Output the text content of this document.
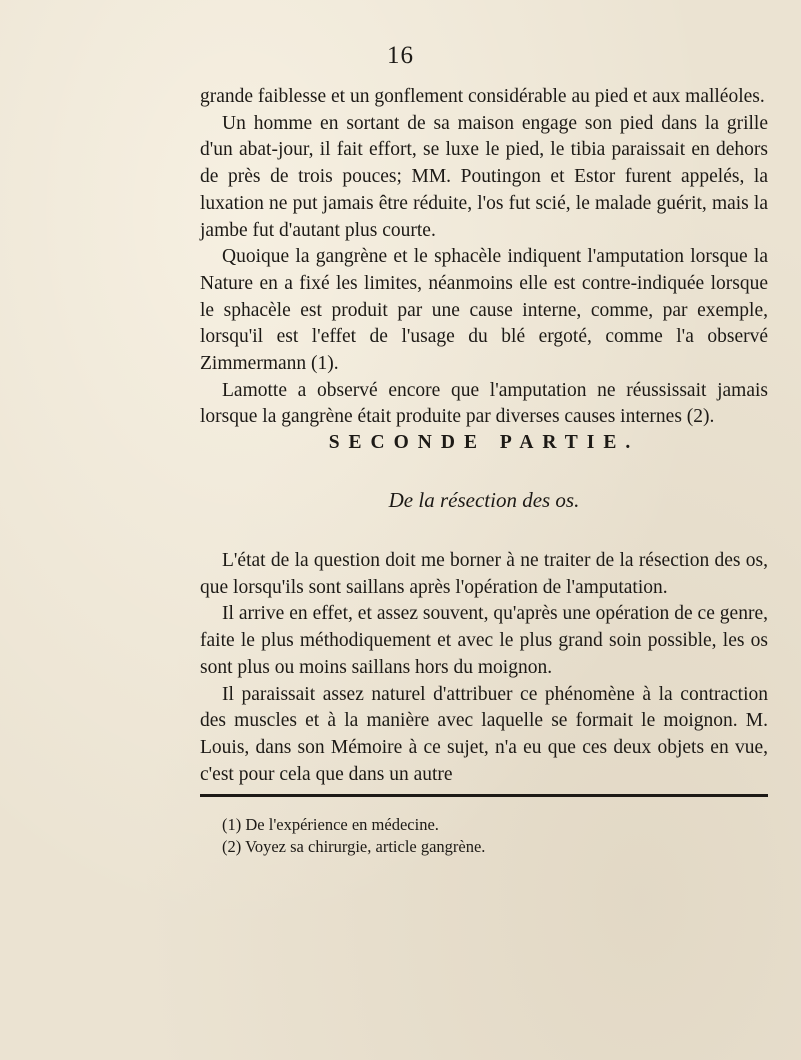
16

grande faiblesse et un gonflement considérable au pied et aux malléoles.

Un homme en sortant de sa maison engage son pied dans la grille d'un abat-jour, il fait effort, se luxe le pied, le tibia paraissait en dehors de près de trois pouces; MM. Poutingon et Estor furent appelés, la luxation ne put jamais être réduite, l'os fut scié, le malade guérit, mais la jambe fut d'autant plus courte.

Quoique la gangrène et le sphacèle indiquent l'amputation lorsque la Nature en a fixé les limites, néanmoins elle est contre-indiquée lorsque le sphacèle est produit par une cause interne, comme, par exemple, lorsqu'il est l'effet de l'usage du blé ergoté, comme l'a observé Zimmermann (1).

Lamotte a observé encore que l'amputation ne réussissait jamais lorsque la gangrène était produite par diverses causes internes (2).

SECONDE PARTIE.
De la résection des os.

L'état de la question doit me borner à ne traiter de la résection des os, que lorsqu'ils sont saillans après l'opération de l'amputation.

Il arrive en effet, et assez souvent, qu'après une opération de ce genre, faite le plus méthodiquement et avec le plus grand soin possible, les os sont plus ou moins saillans hors du moignon.

Il paraissait assez naturel d'attribuer ce phénomène à la contraction des muscles et à la manière avec laquelle se formait le moignon. M. Louis, dans son Mémoire à ce sujet, n'a eu que ces deux objets en vue, c'est pour cela que dans un autre

(1) De l'expérience en médecine.

(2) Voyez sa chirurgie, article gangrène.
